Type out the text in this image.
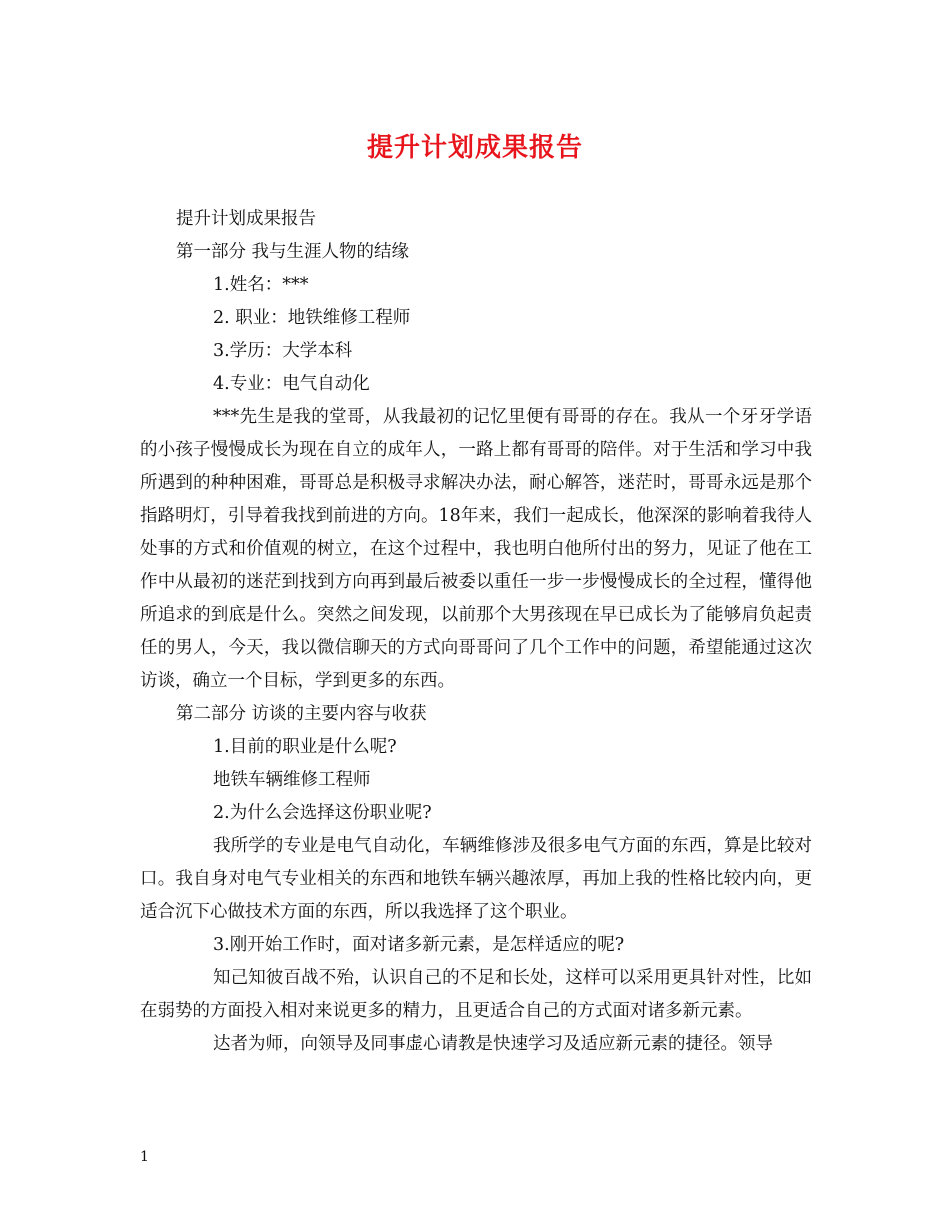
提升计划成果报告
提升计划成果报告
第一部分 我与生涯人物的结缘
1.姓名：***
2. 职业：地铁维修工程师
3.学历：大学本科
4.专业：电气自动化

***先生是我的堂哥，从我最初的记忆里便有哥哥的存在。我从一个牙牙学语的小孩子慢慢成长为现在自立的成年人，一路上都有哥哥的陪伴。对于生活和学习中我所遇到的种种困难，哥哥总是积极寻求解决办法，耐心解答，迷茫时，哥哥永远是那个指路明灯，引导着我找到前进的方向。18年来，我们一起成长，他深深的影响着我待人处事的方式和价值观的树立，在这个过程中，我也明白他所付出的努力，见证了他在工作中从最初的迷茫到找到方向再到最后被委以重任一步一步慢慢成长的全过程，懂得他所追求的到底是什么。突然之间发现，以前那个大男孩现在早已成长为了能够肩负起责任的男人，今天，我以微信聊天的方式向哥哥问了几个工作中的问题，希望能通过这次访谈，确立一个目标，学到更多的东西。

第二部分 访谈的主要内容与收获
1.目前的职业是什么呢?
地铁车辆维修工程师
2.为什么会选择这份职业呢?

我所学的专业是电气自动化，车辆维修涉及很多电气方面的东西，算是比较对口。我自身对电气专业相关的东西和地铁车辆兴趣浓厚，再加上我的性格比较内向，更适合沉下心做技术方面的东西，所以我选择了这个职业。

3.刚开始工作时，面对诸多新元素，是怎样适应的呢?

知己知彼百战不殆，认识自己的不足和长处，这样可以采用更具针对性，比如在弱势的方面投入相对来说更多的精力，且更适合自己的方式面对诸多新元素。

达者为师，向领导及同事虚心请教是快速学习及适应新元素的捷径。领导

1
